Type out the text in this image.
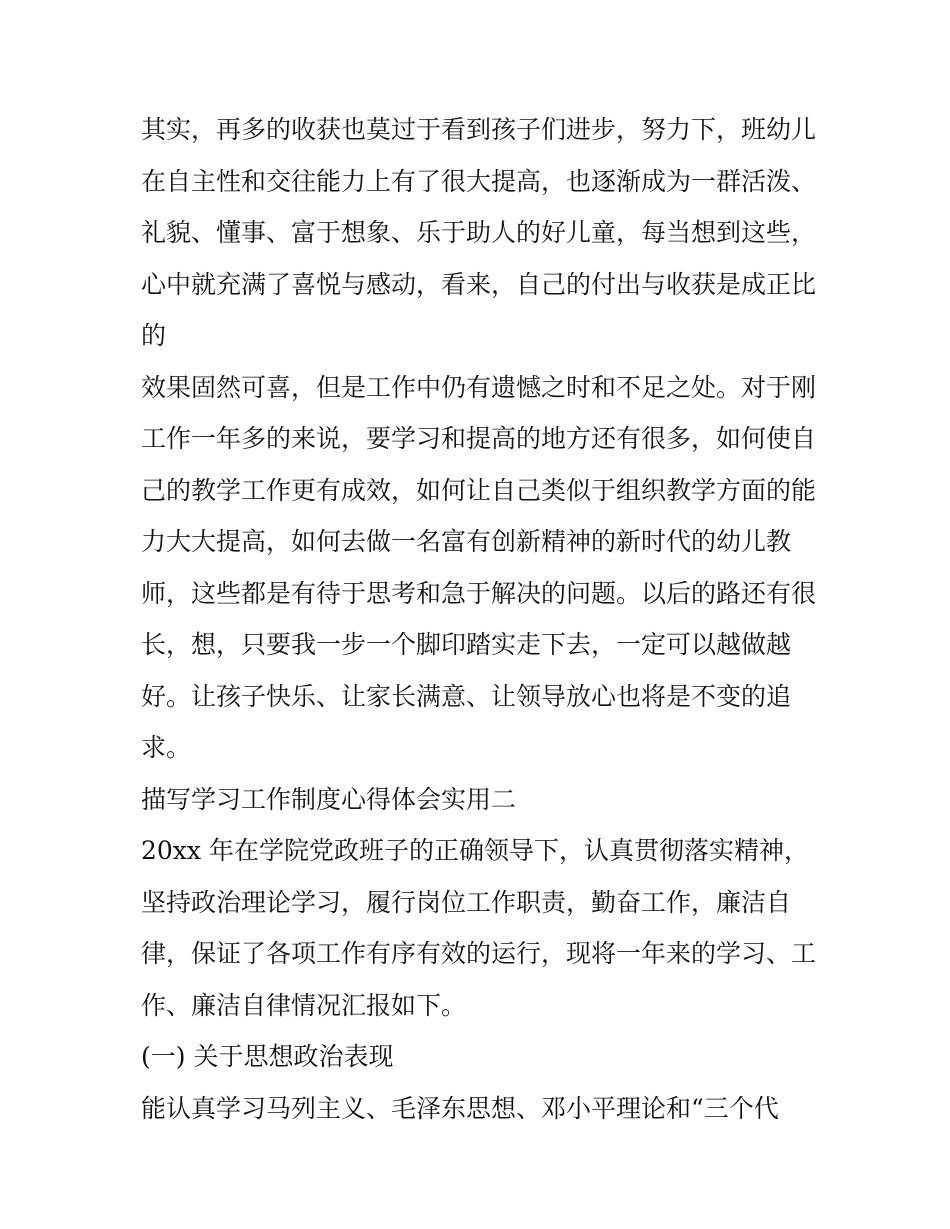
其实，再多的收获也莫过于看到孩子们进步，努力下，班幼儿
在自主性和交往能力上有了很大提高，也逐渐成为一群活泼、
礼貌、懂事、富于想象、乐于助人的好儿童，每当想到这些，
心中就充满了喜悦与感动，看来，自己的付出与收获是成正比
的
效果固然可喜，但是工作中仍有遗憾之时和不足之处。对于刚
工作一年多的来说，要学习和提高的地方还有很多，如何使自
己的教学工作更有成效，如何让自己类似于组织教学方面的能
力大大提高，如何去做一名富有创新精神的新时代的幼儿教
师，这些都是有待于思考和急于解决的问题。以后的路还有很
长，想，只要我一步一个脚印踏实走下去，一定可以越做越
好。让孩子快乐、让家长满意、让领导放心也将是不变的追
求。
描写学习工作制度心得体会实用二
20xx 年在学院党政班子的正确领导下，认真贯彻落实精神，
坚持政治理论学习，履行岗位工作职责，勤奋工作，廉洁自
律，保证了各项工作有序有效的运行，现将一年来的学习、工
作、廉洁自律情况汇报如下。
(一) 关于思想政治表现
能认真学习马列主义、毛泽东思想、邓小平理论和“三个代
